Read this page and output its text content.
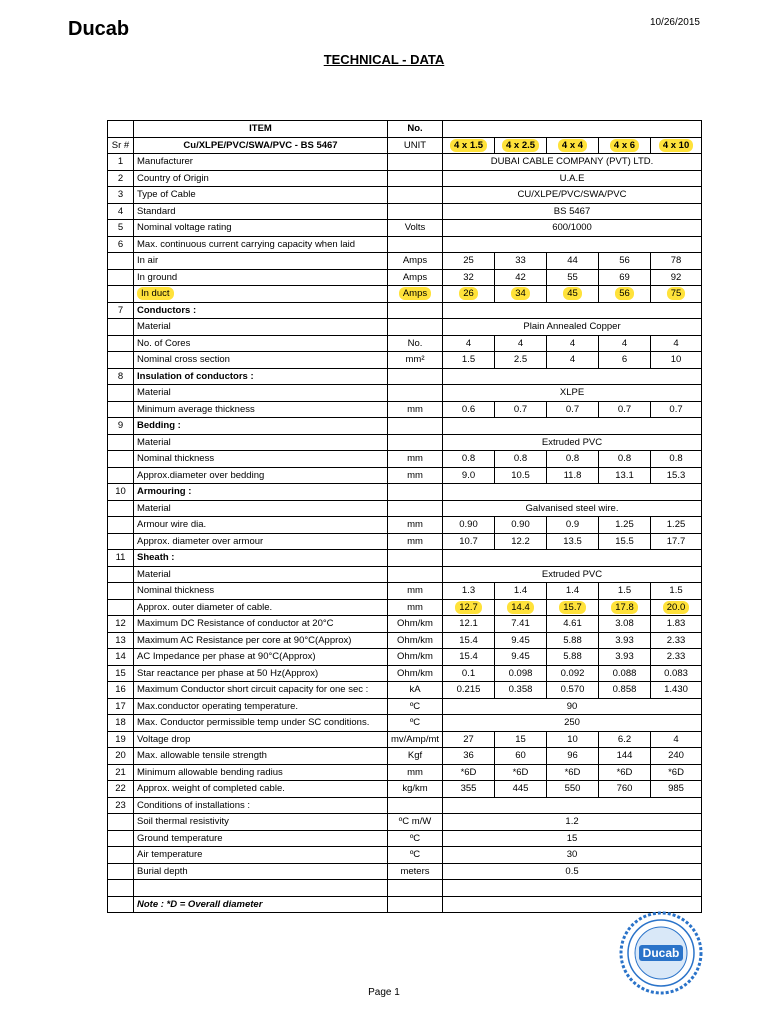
Ducab	10/26/2015
TECHNICAL - DATA
	ITEM	No.					
Sr #	Cu/XLPE/PVC/SWA/PVC - BS 5467	UNIT	4 x 1.5	4 x 2.5	4 x 4	4 x 6	4 x 10
1	Manufacturer		DUBAI CABLE COMPANY (PVT) LTD.				
2	Country of Origin		U.A.E				
3	Type of Cable		CU/XLPE/PVC/SWA/PVC				
4	Standard		BS 5467				
5	Nominal voltage rating	Volts	600/1000				
6	Max. continuous current carrying capacity when laid						
	In air	Amps	25	33	44	56	78
	In ground	Amps	32	42	55	69	92
	In duct	Amps	26	34	45	56	75
7	Conductors :						
	Material		Plain Annealed Copper				
	No. of Cores	No.	4	4	4	4	4
	Nominal cross section	mm²	1.5	2.5	4	6	10
8	Insulation of conductors :						
	Material		XLPE				
	Minimum average thickness	mm	0.6	0.7	0.7	0.7	0.7
9	Bedding :						
	Material		Extruded PVC				
	Nominal thickness	mm	0.8	0.8	0.8	0.8	0.8
	Approx.diameter over bedding	mm	9.0	10.5	11.8	13.1	15.3
10	Armouring :						
	Material		Galvanised steel wire.				
	Armour wire dia.	mm	0.90	0.90	0.9	1.25	1.25
	Approx. diameter over armour	mm	10.7	12.2	13.5	15.5	17.7
11	Sheath :						
	Material		Extruded PVC				
	Nominal thickness	mm	1.3	1.4	1.4	1.5	1.5
	Approx. outer diameter of cable.	mm	12.7	14.4	15.7	17.8	20.0
12	Maximum DC Resistance of conductor at 20°C	Ohm/km	12.1	7.41	4.61	3.08	1.83
13	Maximum AC Resistance per core at 90°C(Approx)	Ohm/km	15.4	9.45	5.88	3.93	2.33
14	AC Impedance per phase at 90°C(Approx)	Ohm/km	15.4	9.45	5.88	3.93	2.33
15	Star reactance per phase at 50 Hz(Approx)	Ohm/km	0.1	0.098	0.092	0.088	0.083
16	Maximum Conductor short circuit capacity for one sec :	kA	0.215	0.358	0.570	0.858	1.430
17	Max.conductor operating temperature.	ºC	90				
18	Max. Conductor permissible temp under SC conditions.	ºC	250				
19	Voltage drop	mv/Amp/mt	27	15	10	6.2	4
20	Max. allowable tensile strength	Kgf	36	60	96	144	240
21	Minimum allowable bending radius	mm	*6D	*6D	*6D	*6D	*6D
22	Approx. weight of completed cable.	kg/km	355	445	550	760	985
23	Conditions of installations :						
	Soil thermal resistivity	ºC m/W	1.2				
	Ground temperature	ºC	15				
	Air temperature	ºC	30				
	Burial depth	meters	0.5				

	Note : *D = Overall diameter						
Ducab
Page 1
